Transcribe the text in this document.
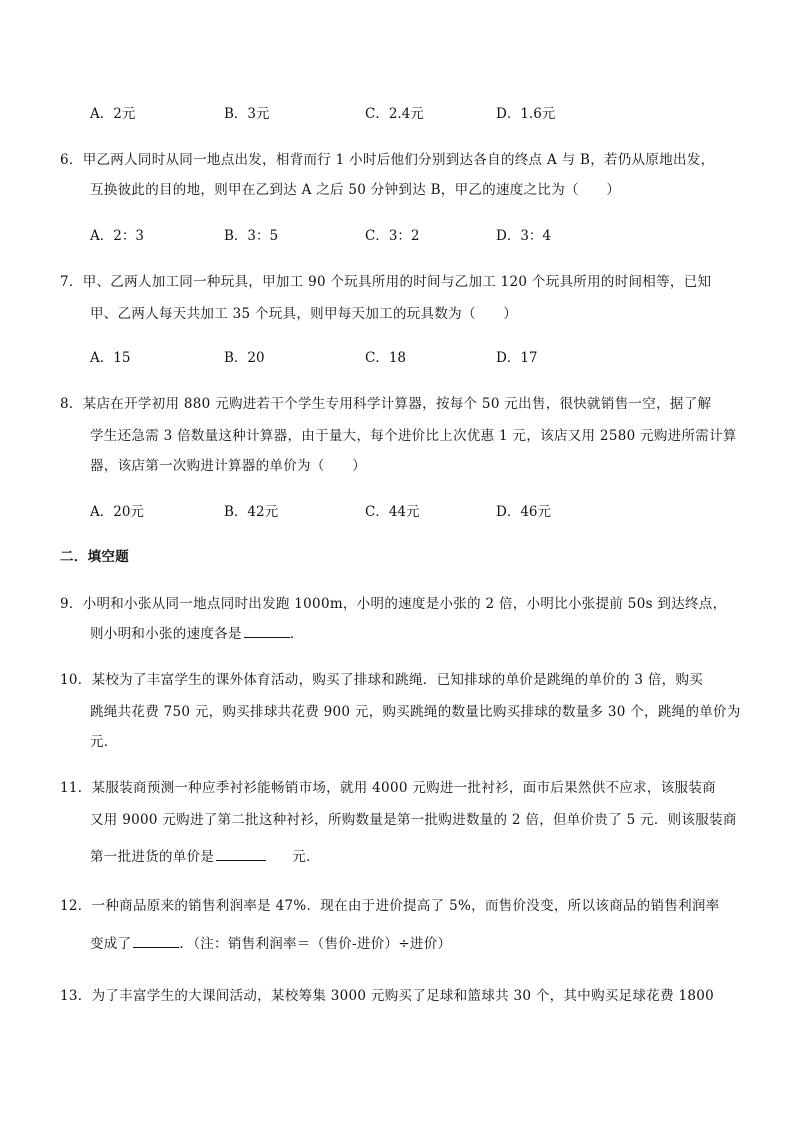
A．2元	B．3元	C．2.4元	D．1.6元
6．甲乙两人同时从同一地点出发，相背而行 1 小时后他们分别到达各自的终点 A 与 B，若仍从原地出发，
互换彼此的目的地，则甲在乙到达 A 之后 50 分钟到达 B，甲乙的速度之比为（　　）
A．2：3	B．3：5	C．3：2	D．3：4
7．甲、乙两人加工同一种玩具，甲加工 90 个玩具所用的时间与乙加工 120 个玩具所用的时间相等，已知
甲、乙两人每天共加工 35 个玩具，则甲每天加工的玩具数为（　　）
A．15	B．20	C．18	D．17
8．某店在开学初用 880 元购进若干个学生专用科学计算器，按每个 50 元出售，很快就销售一空，据了解
学生还急需 3 倍数量这种计算器，由于量大，每个进价比上次优惠 1 元，该店又用 2580 元购进所需计算
器，该店第一次购进计算器的单价为（　　）
A．20元	B．42元	C．44元	D．46元
二．填空题
9．小明和小张从同一地点同时出发跑 1000m，小明的速度是小张的 2 倍，小明比小张提前 50s 到达终点，
则小明和小张的速度各是	．
10．某校为了丰富学生的课外体育活动，购买了排球和跳绳．已知排球的单价是跳绳的单价的 3 倍，购买
跳绳共花费 750 元，购买排球共花费 900 元，购买跳绳的数量比购买排球的数量多 30 个，跳绳的单价为
元．
11．某服装商预测一种应季衬衫能畅销市场，就用 4000 元购进一批衬衫，面市后果然供不应求，该服装商
又用 9000 元购进了第二批这种衬衫，所购数量是第一批购进数量的 2 倍，但单价贵了 5 元．则该服装商
第一批进货的单价是	元．
12．一种商品原来的销售利润率是 47%．现在由于进价提高了 5%，而售价没变，所以该商品的销售利润率
变成了	．（注：销售利润率＝（售价-进价）÷进价）
13．为了丰富学生的大课间活动，某校筹集 3000 元购买了足球和篮球共 30 个，其中购买足球花费 1800
